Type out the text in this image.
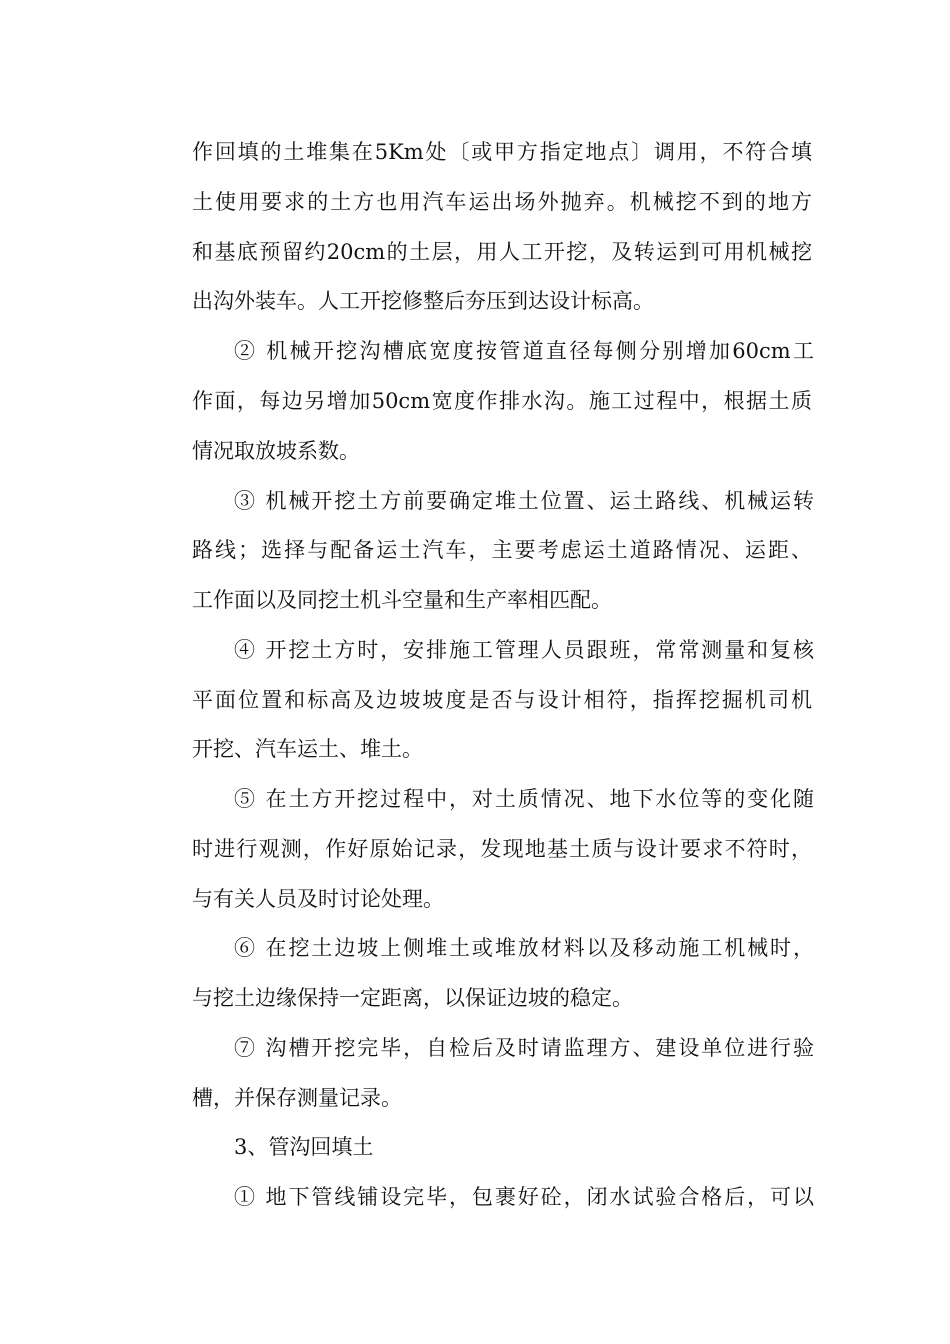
作回填的土堆集在5Km处〔或甲方指定地点〕调用，不符合填
土使用要求的土方也用汽车运出场外抛弃。机械挖不到的地方
和基底预留约20cm的土层，用人工开挖，及转运到可用机械挖
出沟外装车。人工开挖修整后夯压到达设计标高。
② 机械开挖沟槽底宽度按管道直径每侧分别增加60cm工
作面，每边另增加50cm宽度作排水沟。施工过程中，根据土质
情况取放坡系数。
③ 机械开挖土方前要确定堆土位置、运土路线、机械运转
路线；选择与配备运土汽车，主要考虑运土道路情况、运距、
工作面以及同挖土机斗空量和生产率相匹配。
④ 开挖土方时，安排施工管理人员跟班，常常测量和复核
平面位置和标高及边坡坡度是否与设计相符，指挥挖掘机司机
开挖、汽车运土、堆土。
⑤ 在土方开挖过程中，对土质情况、地下水位等的变化随
时进行观测，作好原始记录，发现地基土质与设计要求不符时，
与有关人员及时讨论处理。
⑥ 在挖土边坡上侧堆土或堆放材料以及移动施工机械时，
与挖土边缘保持一定距离，以保证边坡的稳定。
⑦ 沟槽开挖完毕，自检后及时请监理方、建设单位进行验
槽，并保存测量记录。
3、管沟回填土
① 地下管线铺设完毕，包裹好砼，闭水试验合格后，可以
